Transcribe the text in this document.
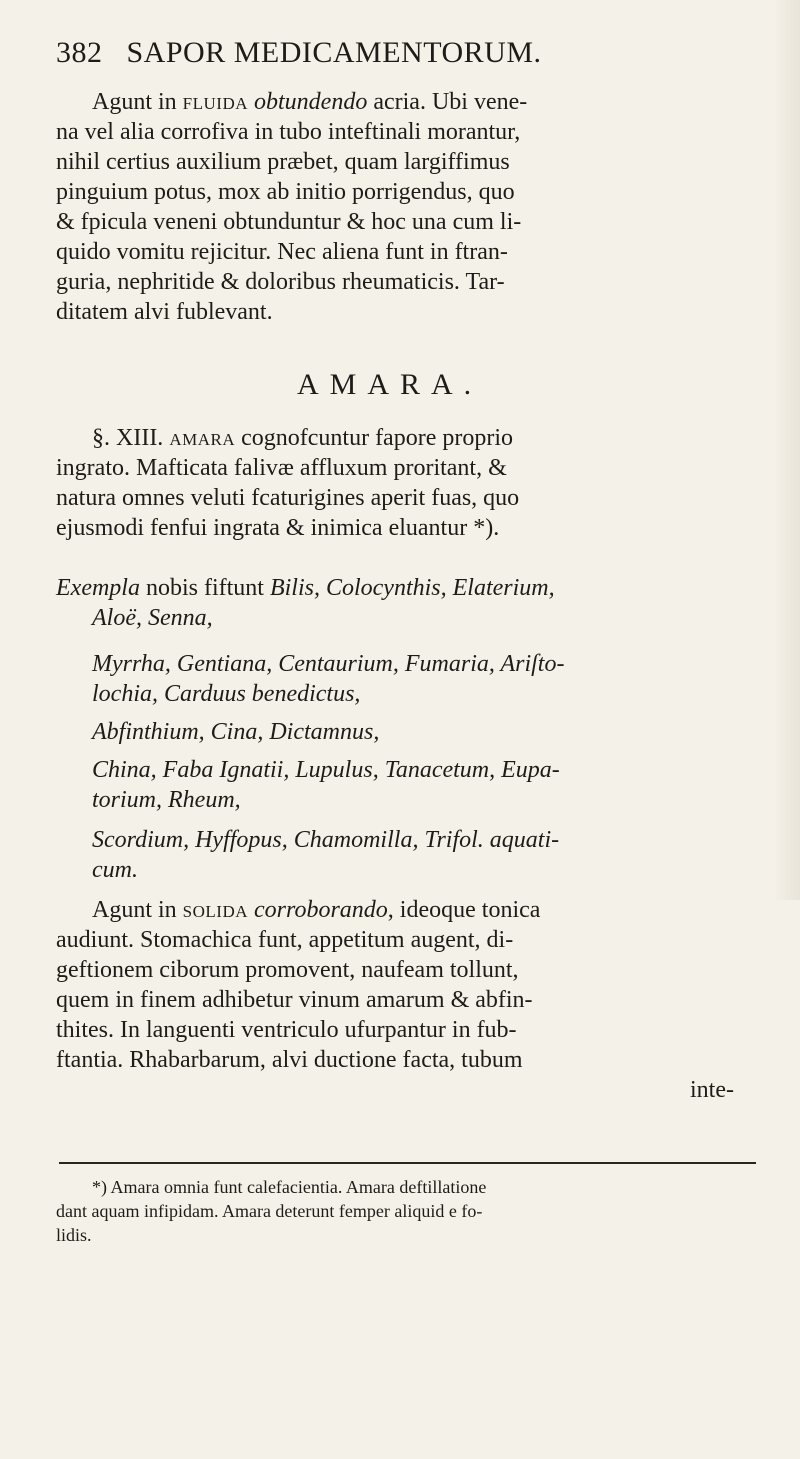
382 SAPOR MEDICAMENTORUM.
Agunt in fluida obtundendo acria. Ubi vene-
na vel alia corrofiva in tubo inteftinali morantur,
nihil certius auxilium præbet, quam largiffimus
pinguium potus, mox ab initio porrigendus, quo
& fpicula veneni obtunduntur & hoc una cum li-
quido vomitu rejicitur. Nec aliena funt in ftran-
guria, nephritide & doloribus rheumaticis. Tar-
ditatem alvi fublevant.
AMARA.
§. XIII. amara cognofcuntur fapore proprio
ingrato. Mafticata falivæ affluxum proritant, &
natura omnes veluti fcaturigines aperit fuas, quo
ejusmodi fenfui ingrata & inimica eluantur *).
Exempla nobis fiftunt Bilis, Colocynthis, Elaterium,
Aloë, Senna,
Myrrha, Gentiana, Centaurium, Fumaria, Ariſto-
lochia, Carduus benedictus,
Abfinthium, Cina, Dictamnus,
China, Faba Ignatii, Lupulus, Tanacetum, Eupa-
torium, Rheum,
Scordium, Hyffopus, Chamomilla, Trifol. aquati-
cum.
Agunt in solida corroborando, ideoque tonica
audiunt. Stomachica funt, appetitum augent, di-
geftionem ciborum promovent, naufeam tollunt,
quem in finem adhibetur vinum amarum & abfin-
thites. In languenti ventriculo ufurpantur in fub-
ftantia. Rhabarbarum, alvi ductione facta, tubum
inte-
*) Amara omnia funt calefacientia. Amara deftillatione
dant aquam infipidam. Amara deterunt femper aliquid e fo-
lidis.
